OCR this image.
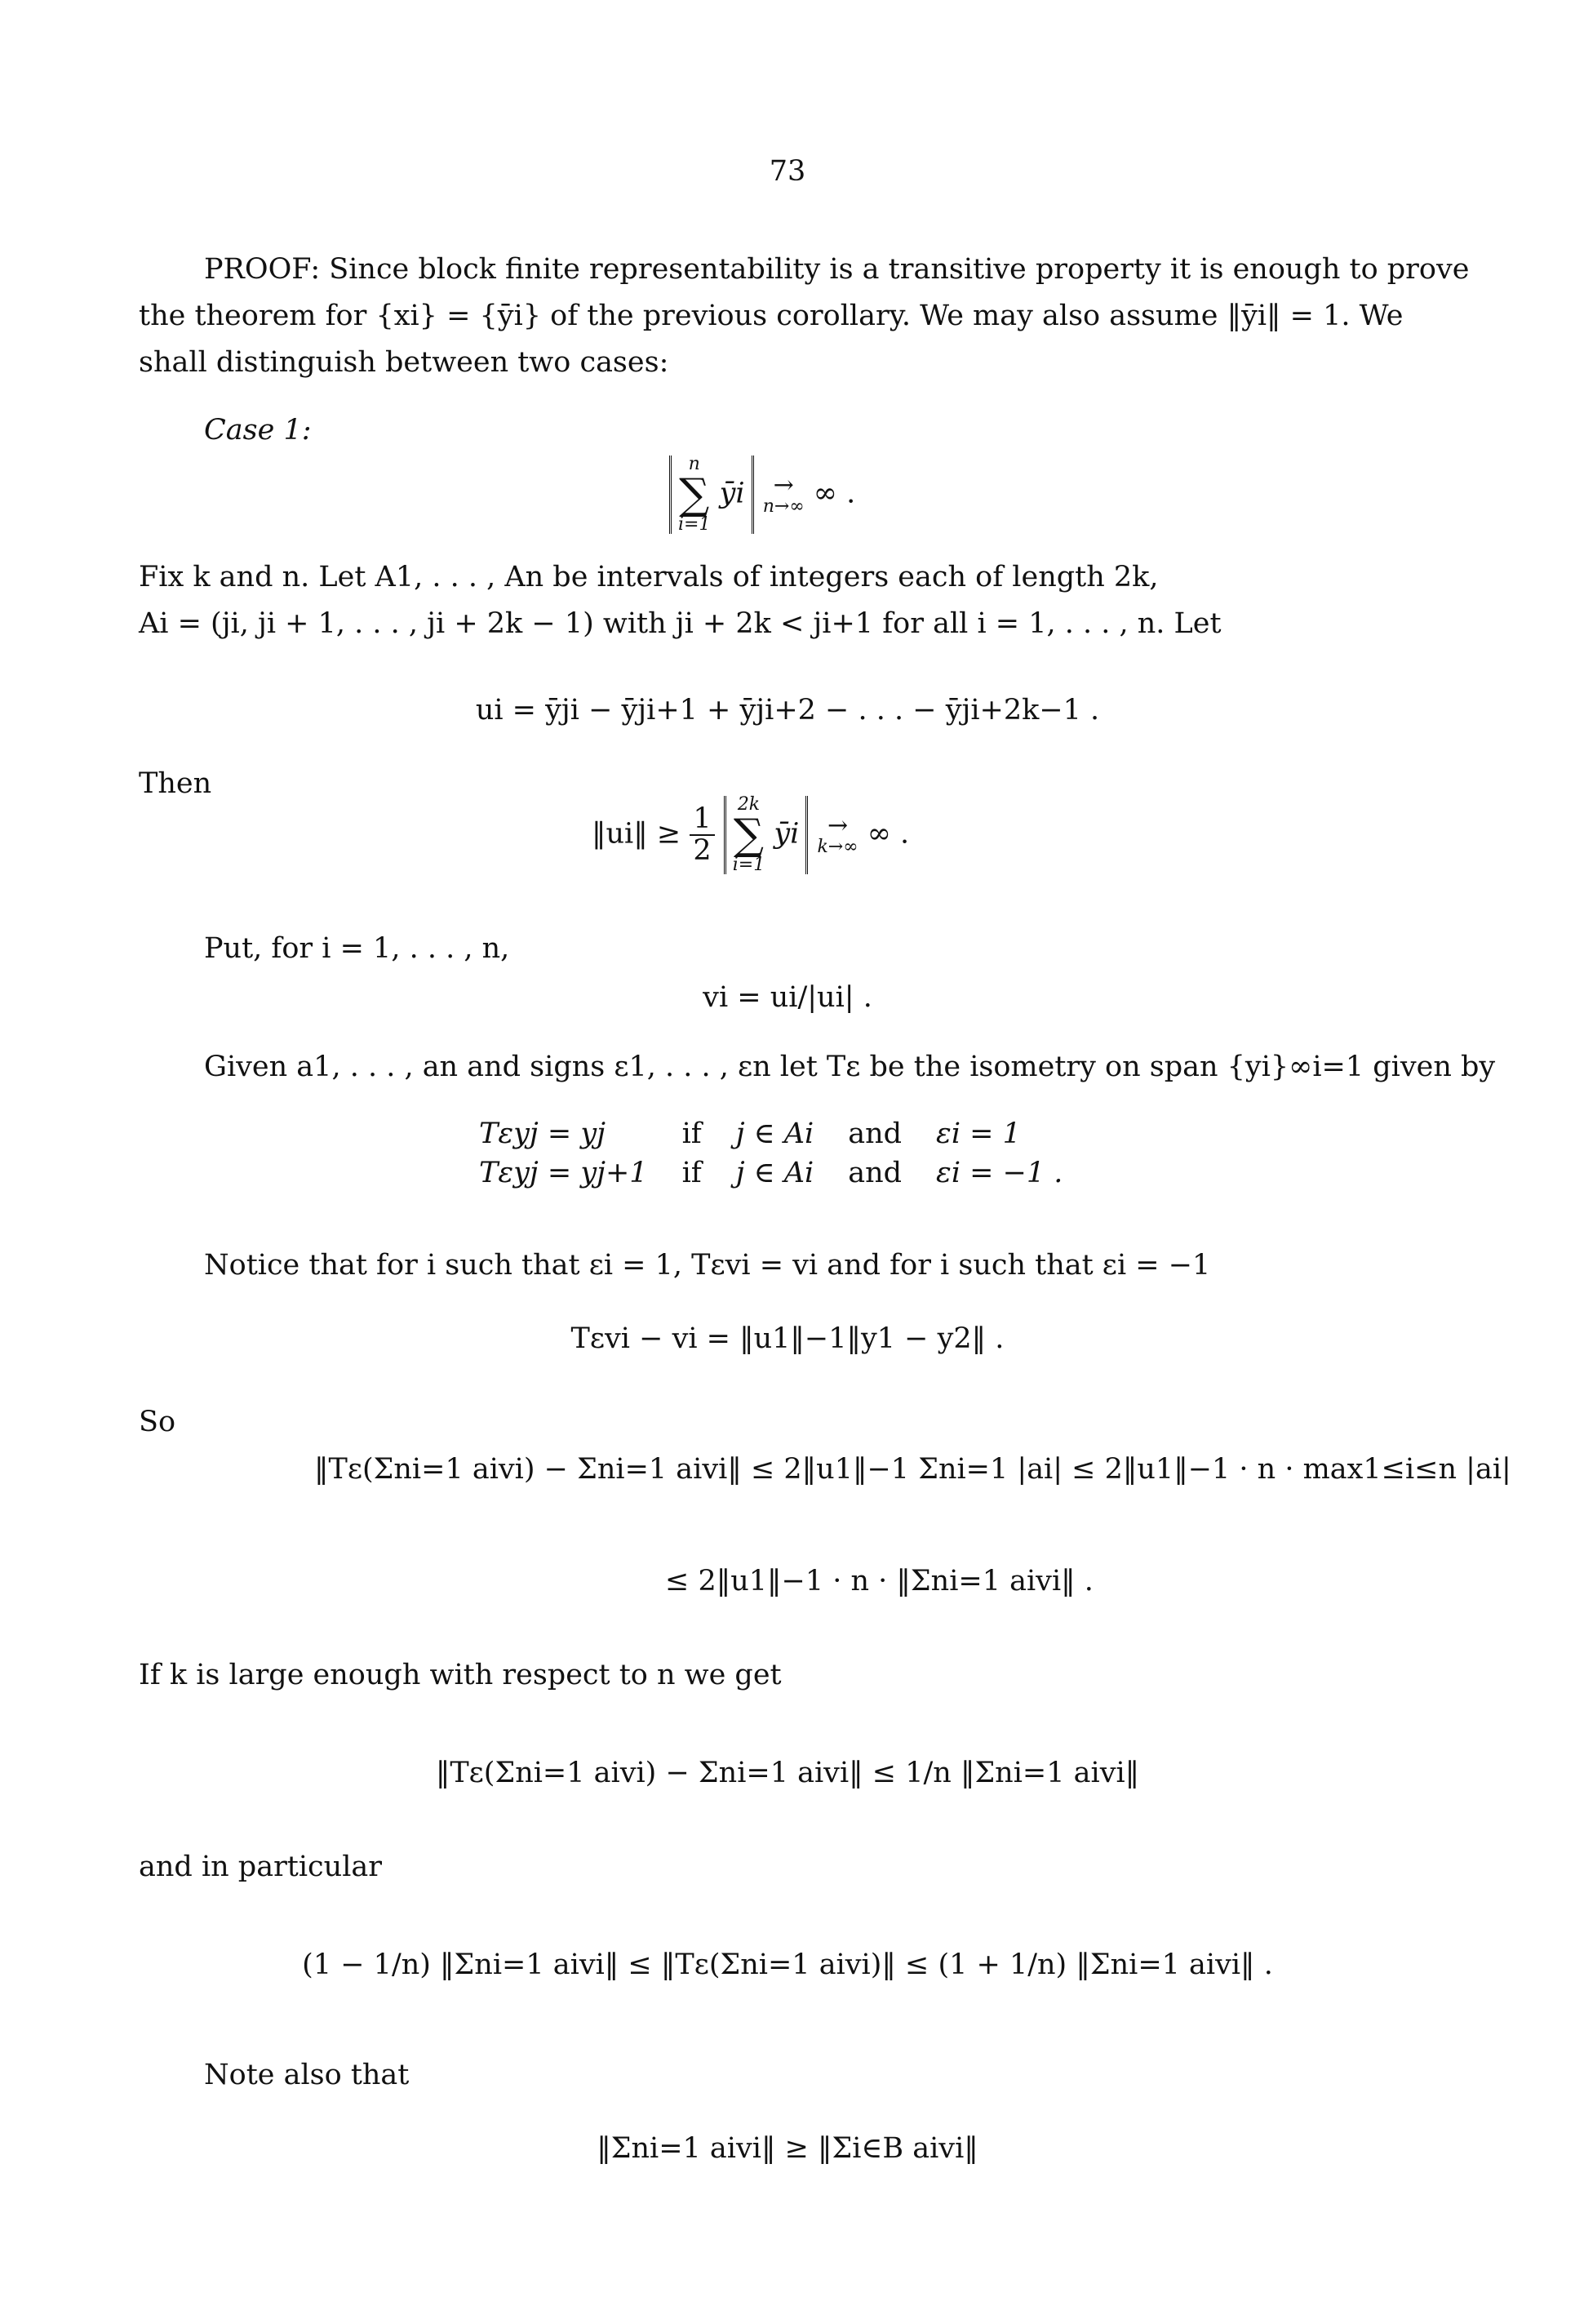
73
PROOF: Since block finite representability is a transitive property it is enough to prove
the theorem for {xi} = {ȳi} of the previous corollary. We may also assume ‖ȳi‖ = 1. We
shall distinguish between two cases:
Case 1:
n
∑
i=1
ȳi →
n→∞ ∞ .
Fix k and n. Let A1, . . . , An be intervals of integers each of length 2k,
Ai = (ji, ji + 1, . . . , ji + 2k − 1) with ji + 2k < ji+1 for all i = 1, . . . , n. Let
ui = ȳji − ȳji+1 + ȳji+2 − . . . − ȳji+2k−1 .
Then
‖ui‖ ≥ $\frac{1}{2}$
2k
∑
i=1
ȳi →
k→∞ ∞ .
Put, for i = 1, . . . , n,
vi = ui/|ui| .
Given a1, . . . , an and signs ε1, . . . , εn let Tε be the isometry on span {yi}∞i=1 given by
Tεyj = yj	if	j ∈ Ai	and	εi = 1
Tεyj = yj+1	if	j ∈ Ai	and	εi = −1 .
Notice that for i such that εi = 1, Tεvi = vi and for i such that εi = −1
Tεvi − vi = ‖u1‖−1‖y1 − y2‖ .
So
‖Tε(Σni=1 aivi) − Σni=1 aivi‖ ≤ 2‖u1‖−1 Σni=1 |ai| ≤ 2‖u1‖−1 · n · max1≤i≤n |ai|
≤ 2‖u1‖−1 · n · ‖Σni=1 aivi‖ .
If k is large enough with respect to n we get
‖Tε(Σni=1 aivi) − Σni=1 aivi‖ ≤ 1/n ‖Σni=1 aivi‖
and in particular
(1 − 1/n) ‖Σni=1 aivi‖ ≤ ‖Tε(Σni=1 aivi)‖ ≤ (1 + 1/n) ‖Σni=1 aivi‖ .
Note also that
‖Σni=1 aivi‖ ≥ ‖Σi∈B aivi‖
